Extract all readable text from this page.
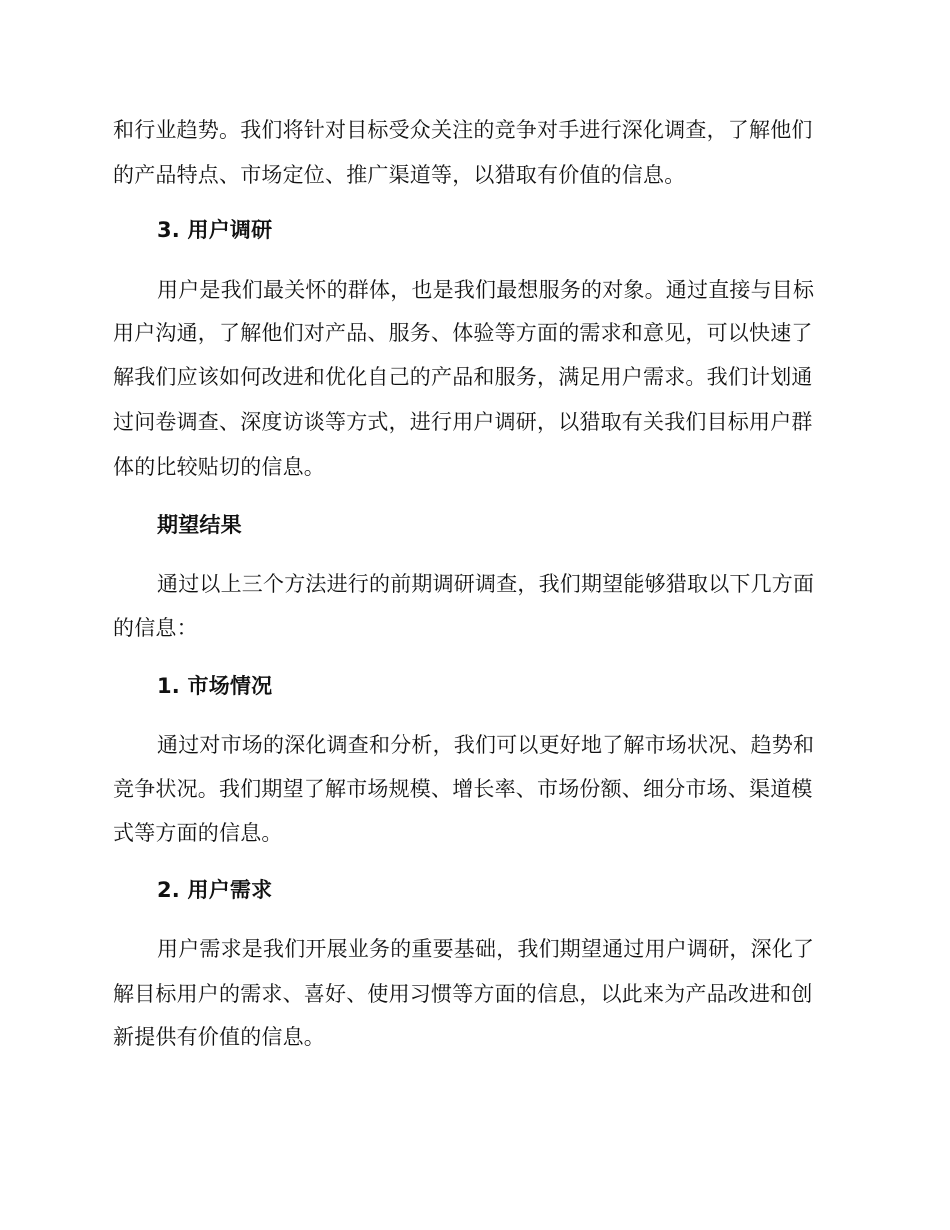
和行业趋势。我们将针对目标受众关注的竞争对手进行深化调查，了解他们
的产品特点、市场定位、推广渠道等，以猎取有价值的信息。
3. 用户调研
用户是我们最关怀的群体，也是我们最想服务的对象。通过直接与目标
用户沟通，了解他们对产品、服务、体验等方面的需求和意见，可以快速了
解我们应该如何改进和优化自己的产品和服务，满足用户需求。我们计划通
过问卷调查、深度访谈等方式，进行用户调研，以猎取有关我们目标用户群
体的比较贴切的信息。
期望结果
通过以上三个方法进行的前期调研调查，我们期望能够猎取以下几方面
的信息：
1. 市场情况
通过对市场的深化调查和分析，我们可以更好地了解市场状况、趋势和
竞争状况。我们期望了解市场规模、增长率、市场份额、细分市场、渠道模
式等方面的信息。
2. 用户需求
用户需求是我们开展业务的重要基础，我们期望通过用户调研，深化了
解目标用户的需求、喜好、使用习惯等方面的信息，以此来为产品改进和创
新提供有价值的信息。
